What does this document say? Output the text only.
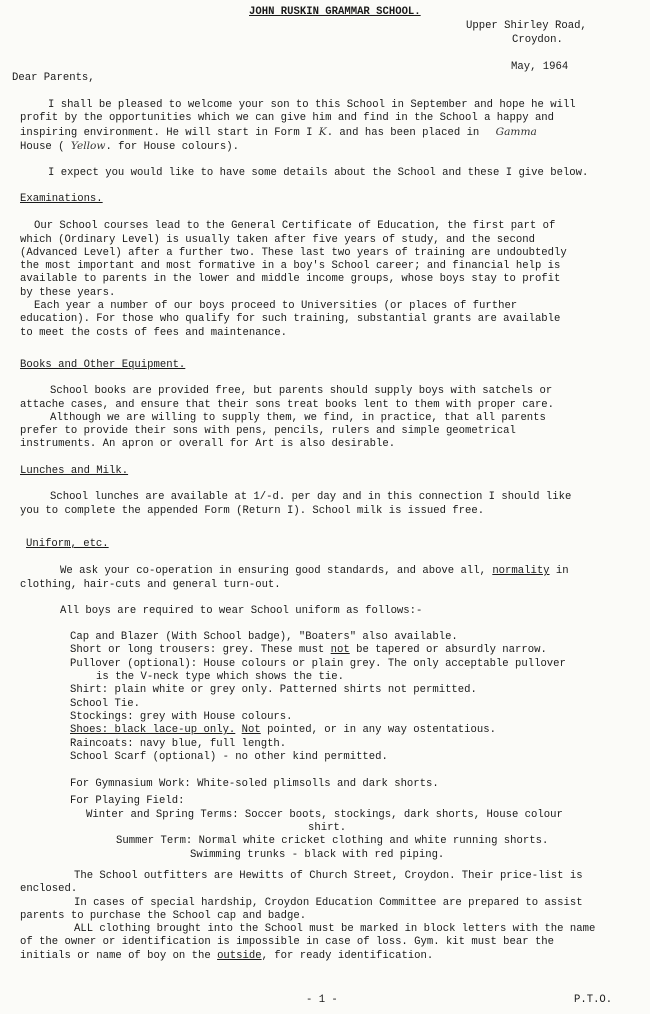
JOHN RUSKIN GRAMMAR SCHOOL.
Upper Shirley Road,
Croydon.
May, 1964
Dear Parents,

I shall be pleased to welcome your son to this School in September and hope he will

profit by the opportunities which we can give him and find in the School a happy and

inspiring environment. He will start in Form I K. and has been placed in Gamma

House ( Yellow. for House colours).

I expect you would like to have some details about the School and these I give below.

Examinations.

Our School courses lead to the General Certificate of Education, the first part of

which (Ordinary Level) is usually taken after five years of study, and the second

(Advanced Level) after a further two. These last two years of training are undoubtedly

the most important and most formative in a boy's School career; and financial help is

available to parents in the lower and middle income groups, whose boys stay to profit

by these years.

Each year a number of our boys proceed to Universities (or places of further

education). For those who qualify for such training, substantial grants are available

to meet the costs of fees and maintenance.

Books and Other Equipment.

School books are provided free, but parents should supply boys with satchels or

attache cases, and ensure that their sons treat books lent to them with proper care.

Although we are willing to supply them, we find, in practice, that all parents

prefer to provide their sons with pens, pencils, rulers and simple geometrical

instruments. An apron or overall for Art is also desirable.

Lunches and Milk.

School lunches are available at 1/-d. per day and in this connection I should like

you to complete the appended Form (Return I). School milk is issued free.

Uniform, etc.

We ask your co-operation in ensuring good standards, and above all, normality in

clothing, hair-cuts and general turn-out.

All boys are required to wear School uniform as follows:-

Cap and Blazer (With School badge), "Boaters" also available.

Short or long trousers: grey. These must not be tapered or absurdly narrow.

Pullover (optional): House colours or plain grey. The only acceptable pullover

is the V-neck type which shows the tie.

Shirt: plain white or grey only. Patterned shirts not permitted.

School Tie.

Stockings: grey with House colours.

Shoes: black lace-up only. Not pointed, or in any way ostentatious.

Raincoats: navy blue, full length.

School Scarf (optional) - no other kind permitted.

For Gymnasium Work: White-soled plimsolls and dark shorts.

For Playing Field:

Winter and Spring Terms: Soccer boots, stockings, dark shorts, House colour

shirt.

Summer Term: Normal white cricket clothing and white running shorts.

Swimming trunks - black with red piping.

The School outfitters are Hewitts of Church Street, Croydon. Their price-list is

enclosed.

In cases of special hardship, Croydon Education Committee are prepared to assist

parents to purchase the School cap and badge.

ALL clothing brought into the School must be marked in block letters with the name

of the owner or identification is impossible in case of loss. Gym. kit must bear the

initials or name of boy on the outside, for ready identification.

- 1 -	P.T.O.
